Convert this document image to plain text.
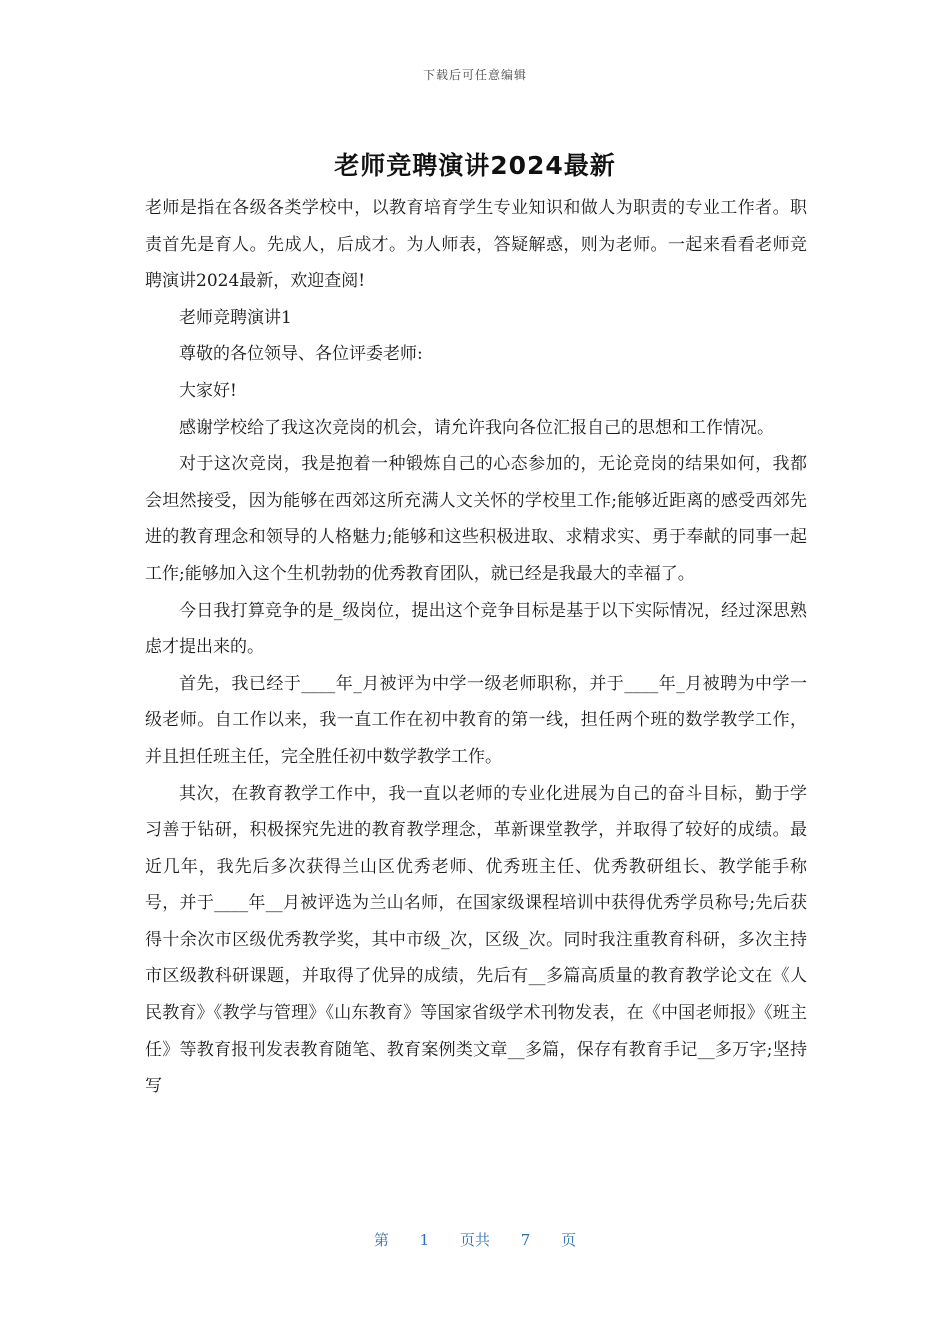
下载后可任意编辑
老师竞聘演讲2024最新

老师是指在各级各类学校中，以教育培育学生专业知识和做人为职责的专业工作者。职责首先是育人。先成人，后成才。为人师表，答疑解惑，则为老师。一起来看看老师竞聘演讲2024最新，欢迎查阅!

老师竞聘演讲1

尊敬的各位领导、各位评委老师:

大家好!

感谢学校给了我这次竞岗的机会，请允许我向各位汇报自己的思想和工作情况。

对于这次竞岗，我是抱着一种锻炼自己的心态参加的，无论竞岗的结果如何，我都会坦然接受，因为能够在西郊这所充满人文关怀的学校里工作;能够近距离的感受西郊先进的教育理念和领导的人格魅力;能够和这些积极进取、求精求实、勇于奉献的同事一起工作;能够加入这个生机勃勃的优秀教育团队，就已经是我最大的幸福了。

今日我打算竞争的是_级岗位，提出这个竞争目标是基于以下实际情况，经过深思熟虑才提出来的。

首先，我已经于____年_月被评为中学一级老师职称，并于____年_月被聘为中学一级老师。自工作以来，我一直工作在初中教育的第一线，担任两个班的数学教学工作，并且担任班主任，完全胜任初中数学教学工作。

其次，在教育教学工作中，我一直以老师的专业化进展为自己的奋斗目标，勤于学习善于钻研，积极探究先进的教育教学理念，革新课堂教学，并取得了较好的成绩。最近几年，我先后多次获得兰山区优秀老师、优秀班主任、优秀教研组长、教学能手称号，并于____年__月被评选为兰山名师，在国家级课程培训中获得优秀学员称号;先后获得十余次市区级优秀教学奖，其中市级_次，区级_次。同时我注重教育科研，多次主持市区级教科研课题，并取得了优异的成绩，先后有__多篇高质量的教育教学论文在《人民教育》《教学与管理》《山东教育》等国家省级学术刊物发表，在《中国老师报》《班主任》等教育报刊发表教育随笔、教育案例类文章__多篇，保存有教育手记__多万字;坚持写

第 1 页共 7 页
